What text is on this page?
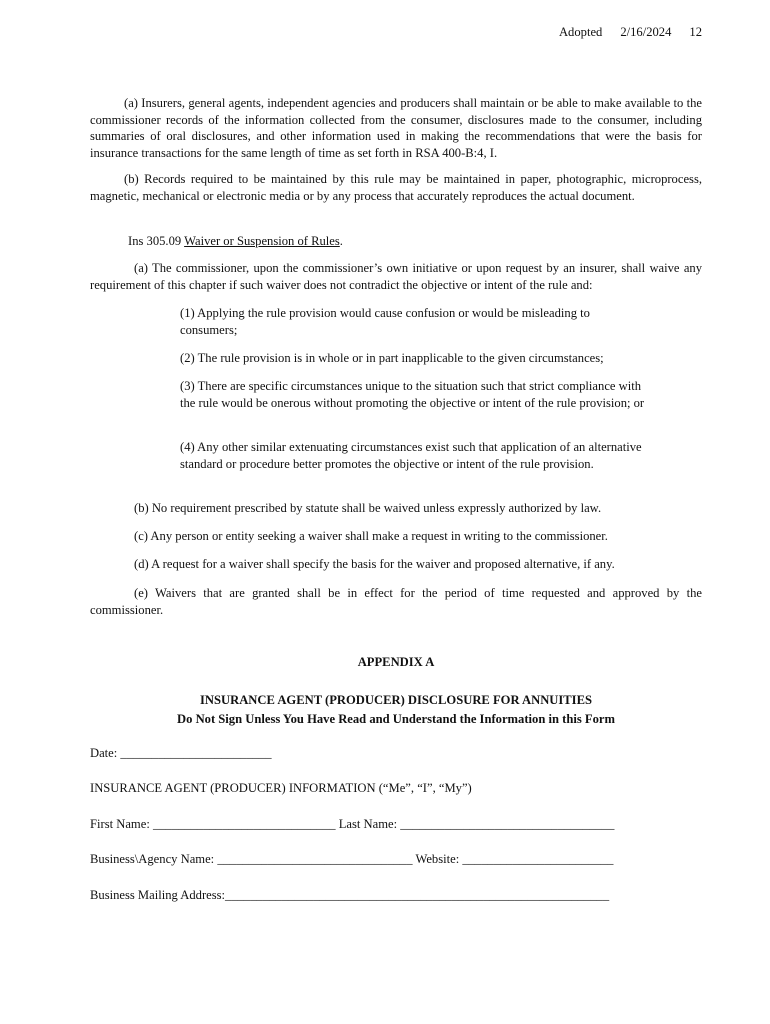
Adopted 2/16/2024 12

(a) Insurers, general agents, independent agencies and producers shall maintain or be able to make available to the commissioner records of the information collected from the consumer, disclosures made to the consumer, including summaries of oral disclosures, and other information used in making the recommendations that were the basis for insurance transactions for the same length of time as set forth in RSA 400-B:4, I.

(b) Records required to be maintained by this rule may be maintained in paper, photographic, microprocess, magnetic, mechanical or electronic media or by any process that accurately reproduces the actual document.

Ins 305.09 Waiver or Suspension of Rules.

(a) The commissioner, upon the commissioner’s own initiative or upon request by an insurer, shall waive any requirement of this chapter if such waiver does not contradict the objective or intent of the rule and:

(1) Applying the rule provision would cause confusion or would be misleading to consumers;

(2) The rule provision is in whole or in part inapplicable to the given circumstances;

(3) There are specific circumstances unique to the situation such that strict compliance with the rule would be onerous without promoting the objective or intent of the rule provision; or

(4) Any other similar extenuating circumstances exist such that application of an alternative standard or procedure better promotes the objective or intent of the rule provision.

(b) No requirement prescribed by statute shall be waived unless expressly authorized by law.

(c) Any person or entity seeking a waiver shall make a request in writing to the commissioner.

(d) A request for a waiver shall specify the basis for the waiver and proposed alternative, if any.

(e) Waivers that are granted shall be in effect for the period of time requested and approved by the commissioner.

APPENDIX A

INSURANCE AGENT (PRODUCER) DISCLOSURE FOR ANNUITIES

Do Not Sign Unless You Have Read and Understand the Information in this Form

Date: ________________________

INSURANCE AGENT (PRODUCER) INFORMATION (“Me”, “I”, “My”)

First Name: _____________________________ Last Name: __________________________________

Business\Agency Name: _______________________________ Website: ________________________

Business Mailing Address:_____________________________________________________________
